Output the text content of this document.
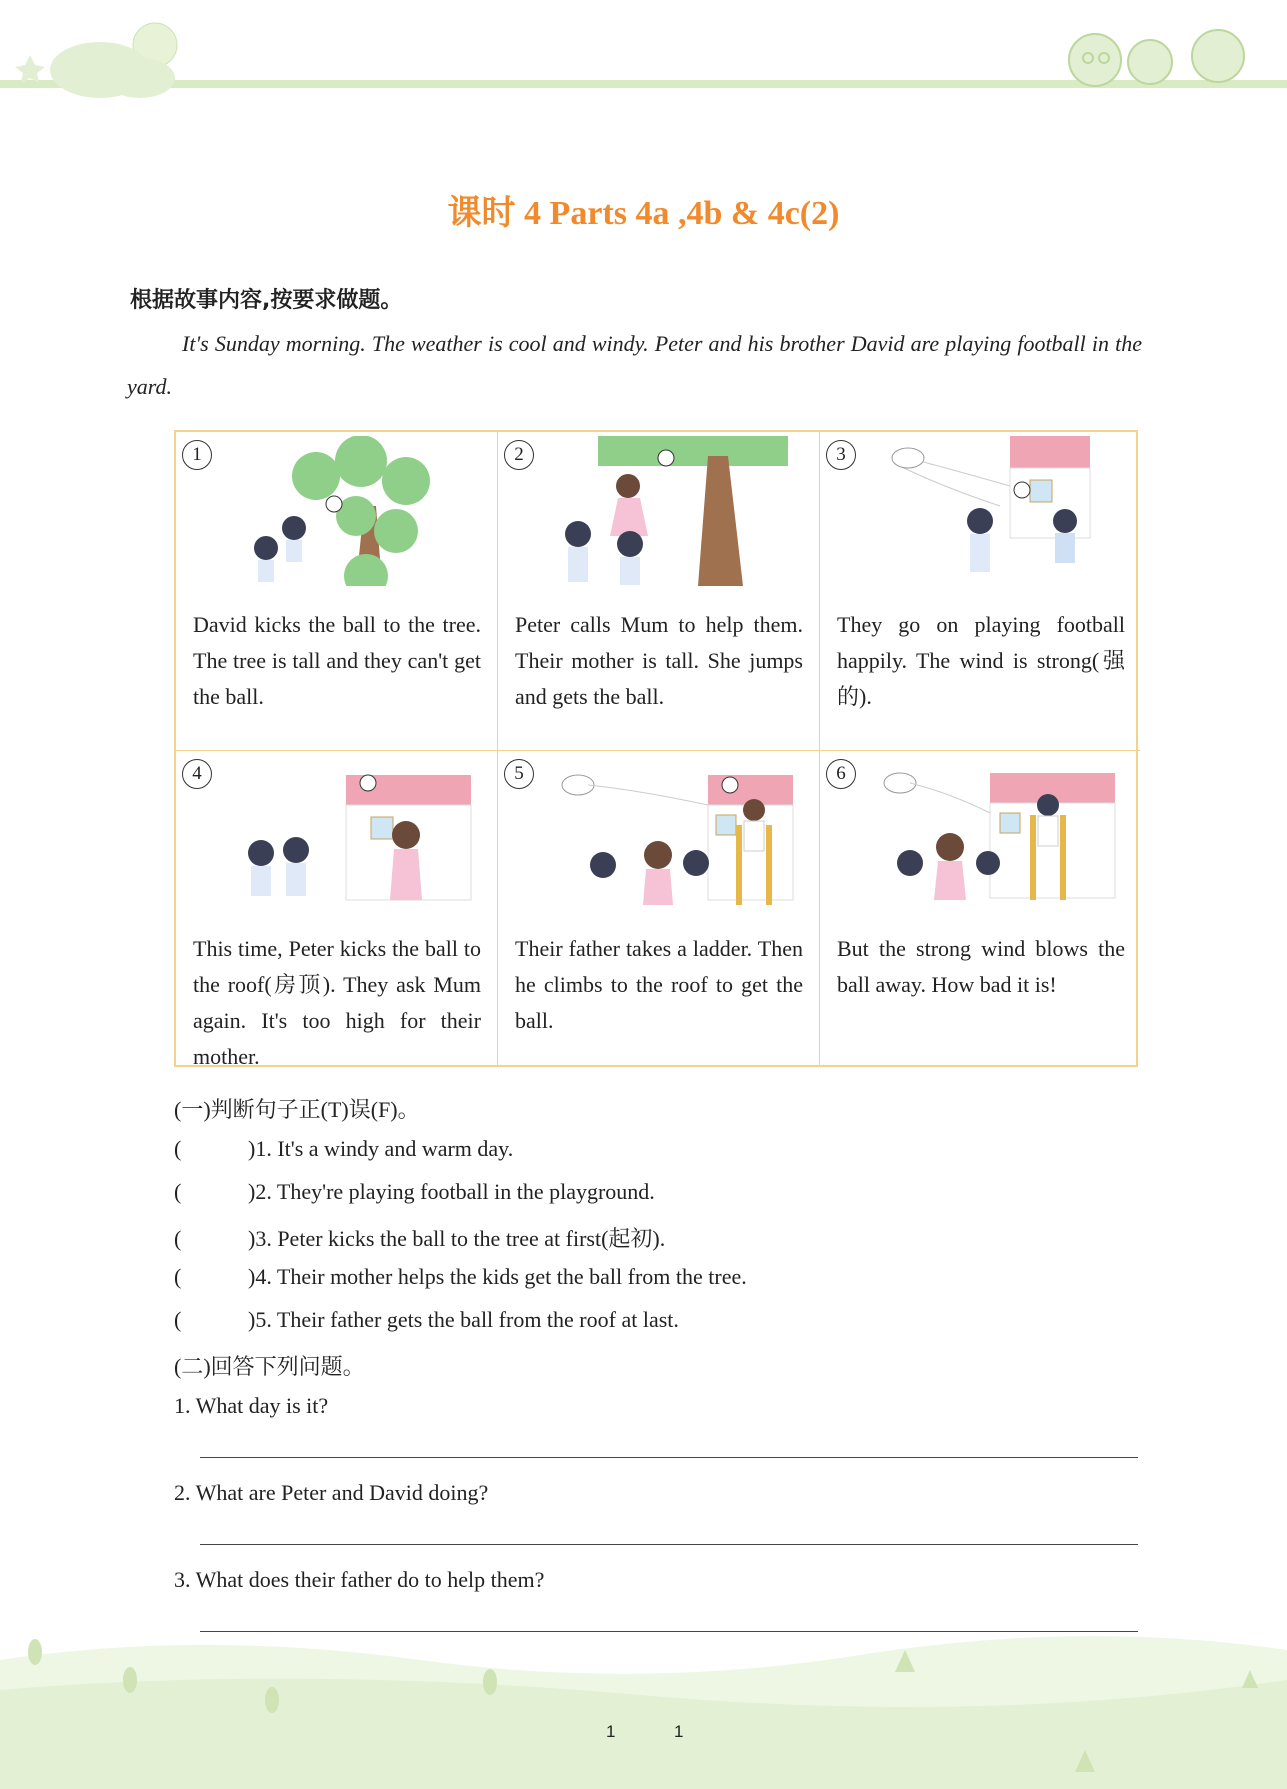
课时 4 Parts 4a ,4b & 4c(2)
根据故事内容,按要求做题。
It's Sunday morning. The weather is cool and windy. Peter and his brother David are playing football in the yard.
1
David kicks the ball to the tree. The tree is tall and they can't get the ball.
2
Peter calls Mum to help them. Their mother is tall. She jumps and gets the ball.
3
They go on playing football happily. The wind is strong(强的).
4
This time, Peter kicks the ball to the roof(房顶). They ask Mum again. It's too high for their mother.
5
Their father takes a ladder. Then he climbs to the roof to get the ball.
6
But the strong wind blows the ball away. How bad it is!
(一)判断句子正(T)误(F)。
(	)1. It's a windy and warm day.
(	)2. They're playing football in the playground.
(	)3. Peter kicks the ball to the tree at first(起初).
(	)4. Their mother helps the kids get the ball from the tree.
(	)5. Their father gets the ball from the roof at last.
(二)回答下列问题。
1. What day is it?
2. What are Peter and David doing?
3. What does their father do to help them?
1	1
